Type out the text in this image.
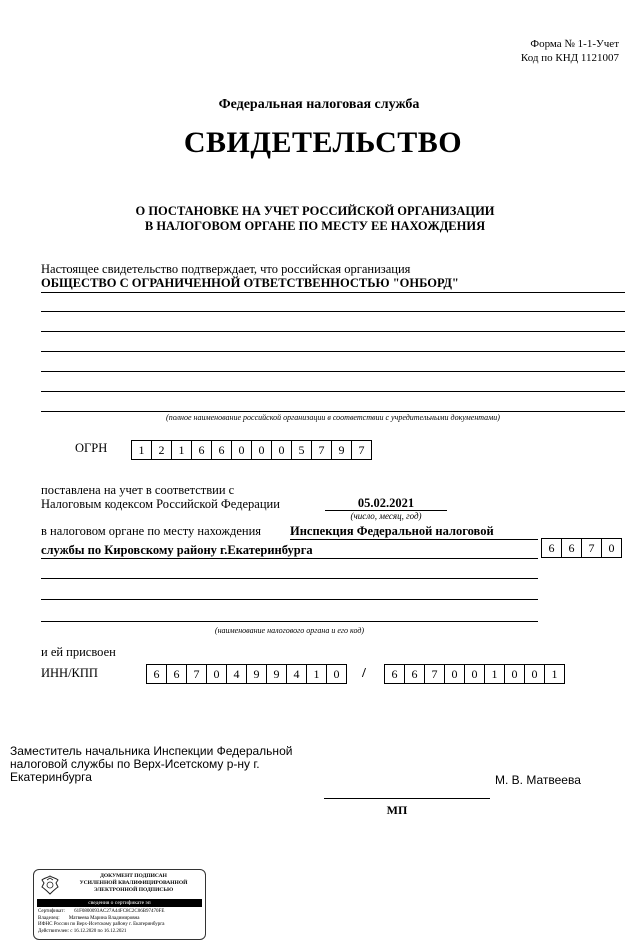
Форма № 1-1-Учет
Код по КНД 1121007
Федеральная налоговая служба
СВИДЕТЕЛЬСТВО
О ПОСТАНОВКЕ НА УЧЕТ РОССИЙСКОЙ ОРГАНИЗАЦИИ
В НАЛОГОВОМ ОРГАНЕ ПО МЕСТУ ЕЕ НАХОЖДЕНИЯ
Настоящее свидетельство подтверждает, что российская организация
ОБЩЕСТВО С ОГРАНИЧЕННОЙ ОТВЕТСТВЕННОСТЬЮ "ОНБОРД"
(полное наименование российской организации в соответствии с учредительными документами)
ОГРН	1	2	1	6	6	0	0	0	5	7	9	7
поставлена на учет в соответствии с
Налоговым кодексом Российской Федерации	05.02.2021
(число, месяц, год)
в налоговом органе по месту нахождения Инспекция Федеральной налоговой
службы по Кировскому району г.Екатеринбурга	6	6	7	0
(наименование налогового органа и его код)
и ей присвоен
ИНН/КПП	6	6	7	0	4	9	9	4	1	0	/	6	6	7	0	0	1	0	0	1
Заместитель начальника Инспекции Федеральной
налоговой службы по Верх-Исетскому р-ну г.
Екатеринбурга	М. В. Матвеева
МП
ДОКУМЕНТ ПОДПИСАН
УСИЛЕННОЙ КВАЛИФИЦИРОВАННОЙ
ЭЛЕКТРОННОЙ ПОДПИСЬЮ
сведения о сертификате эп
Сертификат: 61F0800093AC27A44FC8C2C06B97470FE
Владелец: Матвеева Марина Владимировна
ИФНС России по Верх-Исетскому району г. Екатеринбурга
Действителен: с 16.12.2020 по 16.12.2021
